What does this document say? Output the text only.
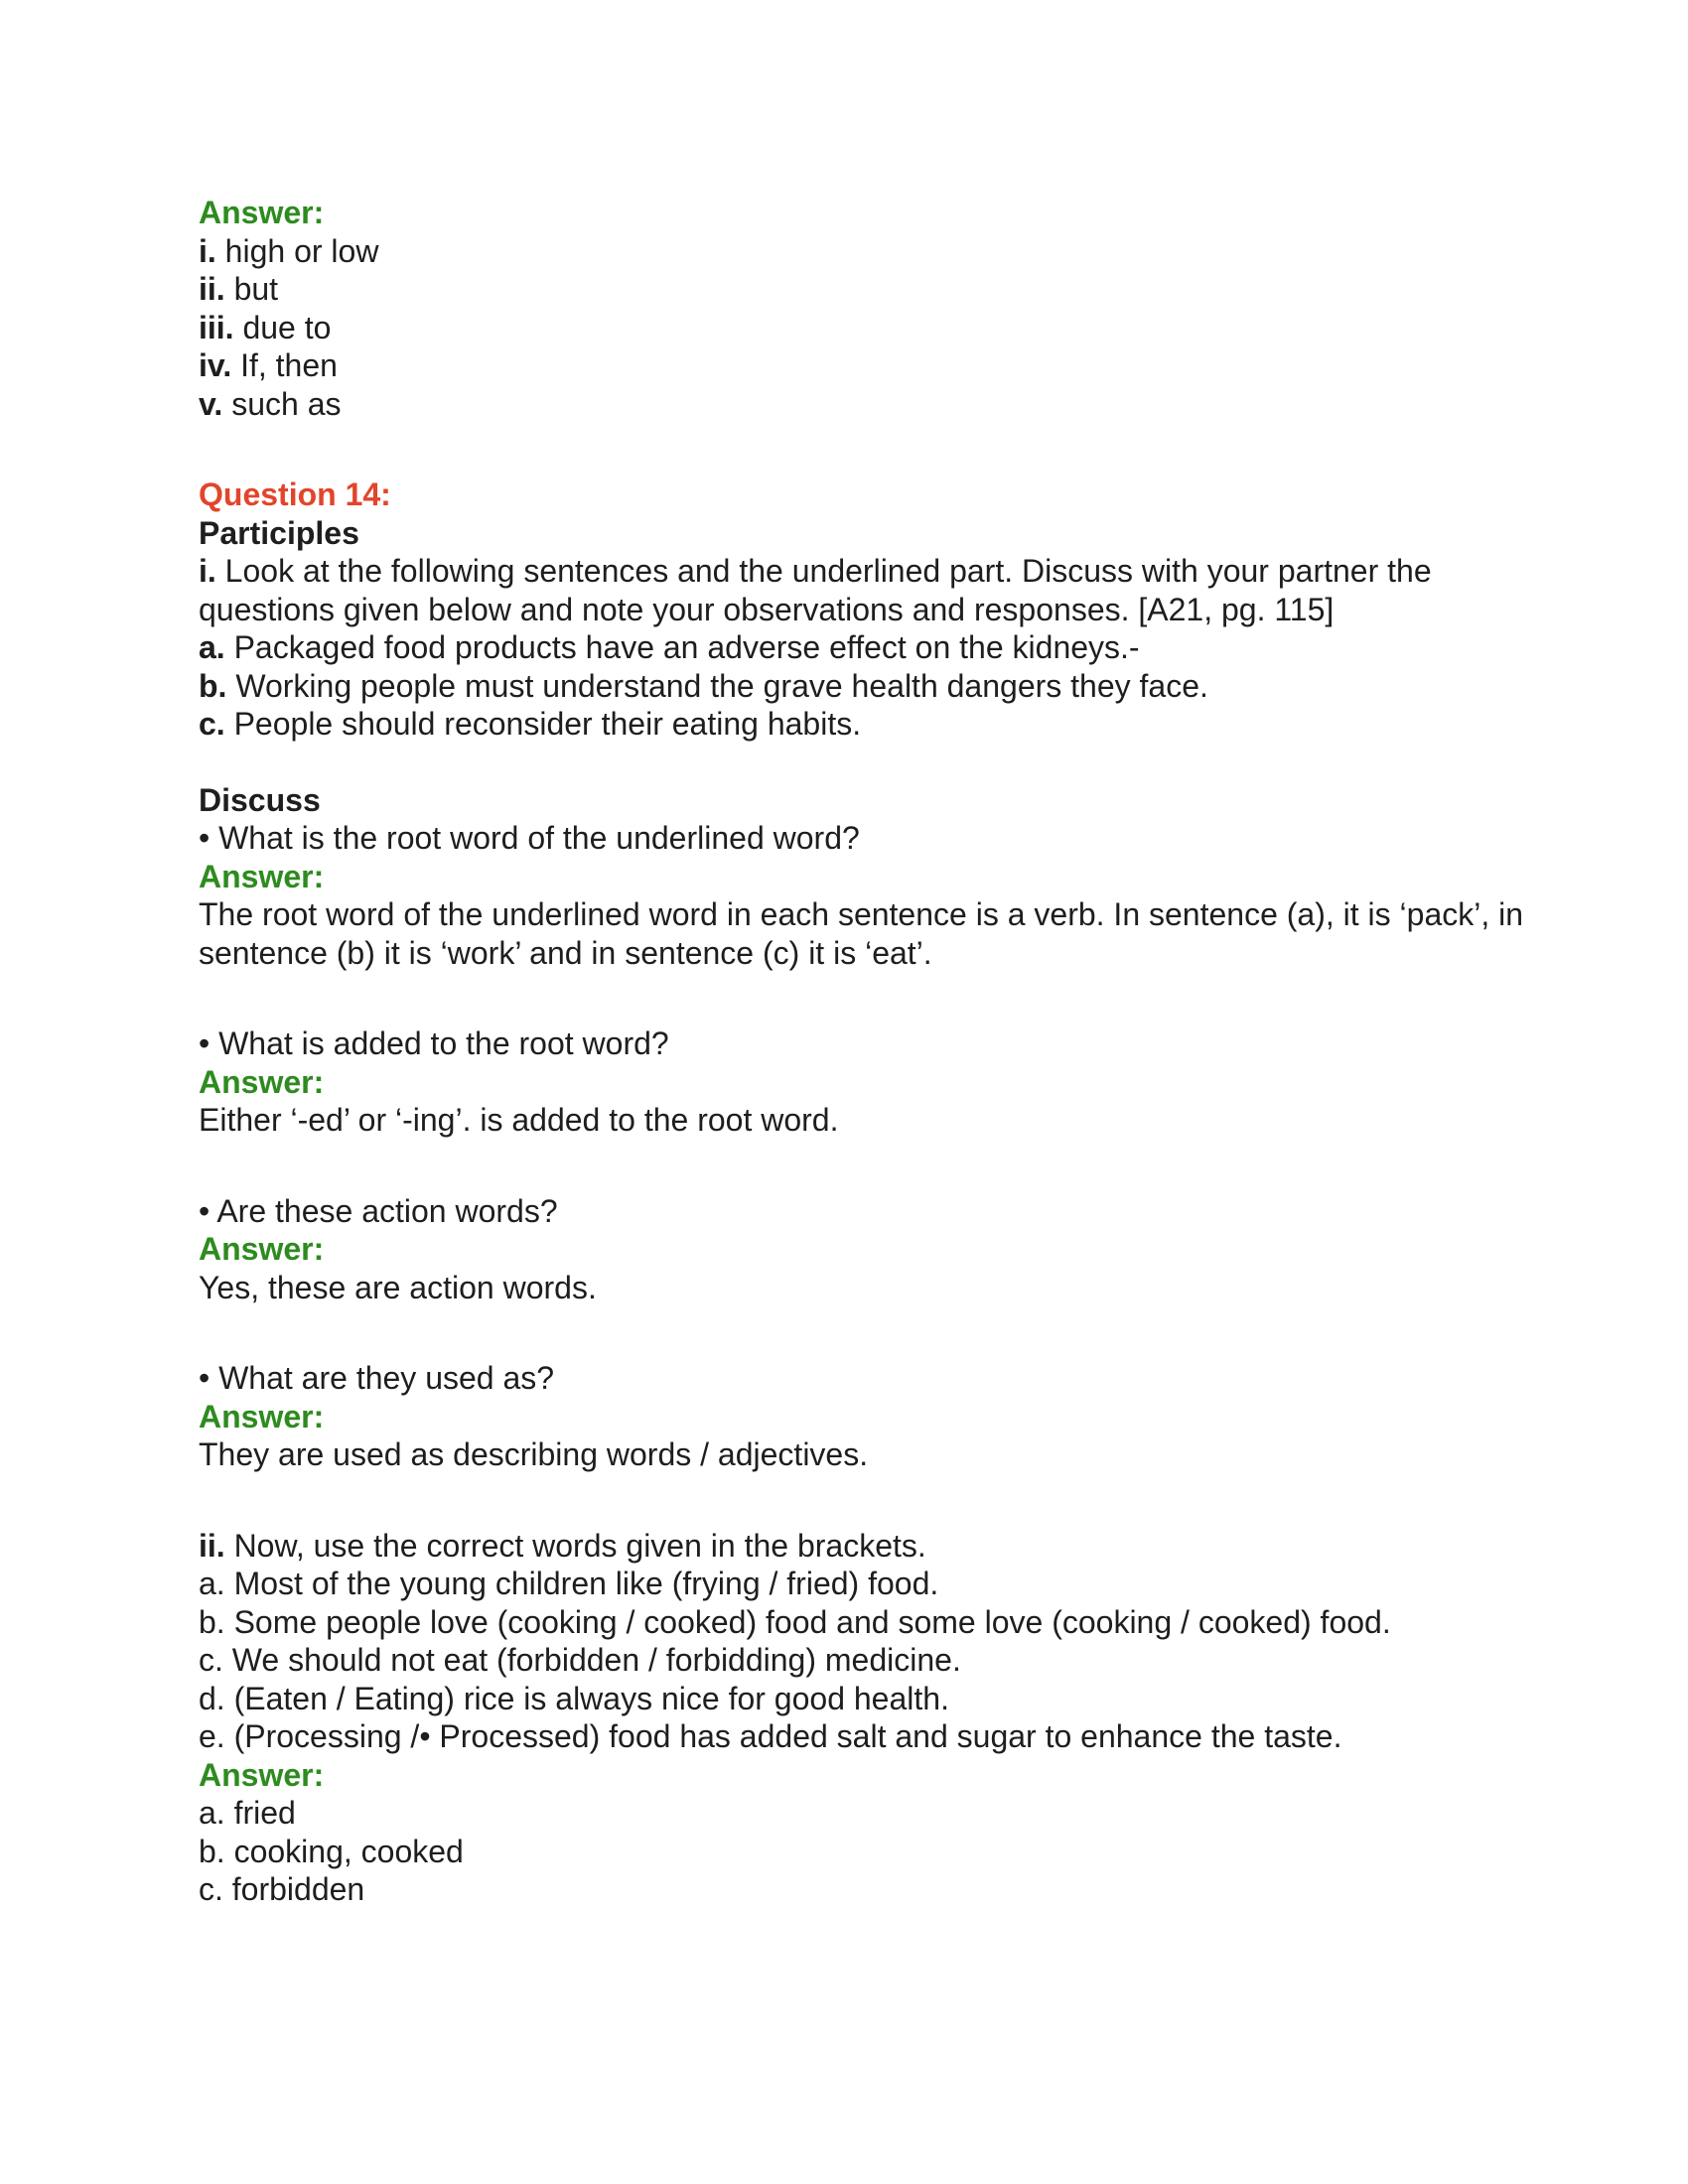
Answer:
i. high or low
ii. but
iii. due to
iv. If, then
v. such as
Question 14:
Participles
i. Look at the following sentences and the underlined part. Discuss with your partner the questions given below and note your observations and responses. [A21, pg. 115]
a. Packaged food products have an adverse effect on the kidneys.-
b. Working people must understand the grave health dangers they face.
c. People should reconsider their eating habits.
Discuss
• What is the root word of the underlined word?
Answer:
The root word of the underlined word in each sentence is a verb. In sentence (a), it is ‘pack’, in sentence (b) it is ‘work’ and in sentence (c) it is ‘eat’.
• What is added to the root word?
Answer:
Either ‘-ed’ or ‘-ing’. is added to the root word.
• Are these action words?
Answer:
Yes, these are action words.
• What are they used as?
Answer:
They are used as describing words / adjectives.
ii. Now, use the correct words given in the brackets.
a. Most of the young children like (frying / fried) food.
b. Some people love (cooking / cooked) food and some love (cooking / cooked) food.
c. We should not eat (forbidden / forbidding) medicine.
d. (Eaten / Eating) rice is always nice for good health.
e. (Processing /• Processed) food has added salt and sugar to enhance the taste.
Answer:
a. fried
b. cooking, cooked
c. forbidden
